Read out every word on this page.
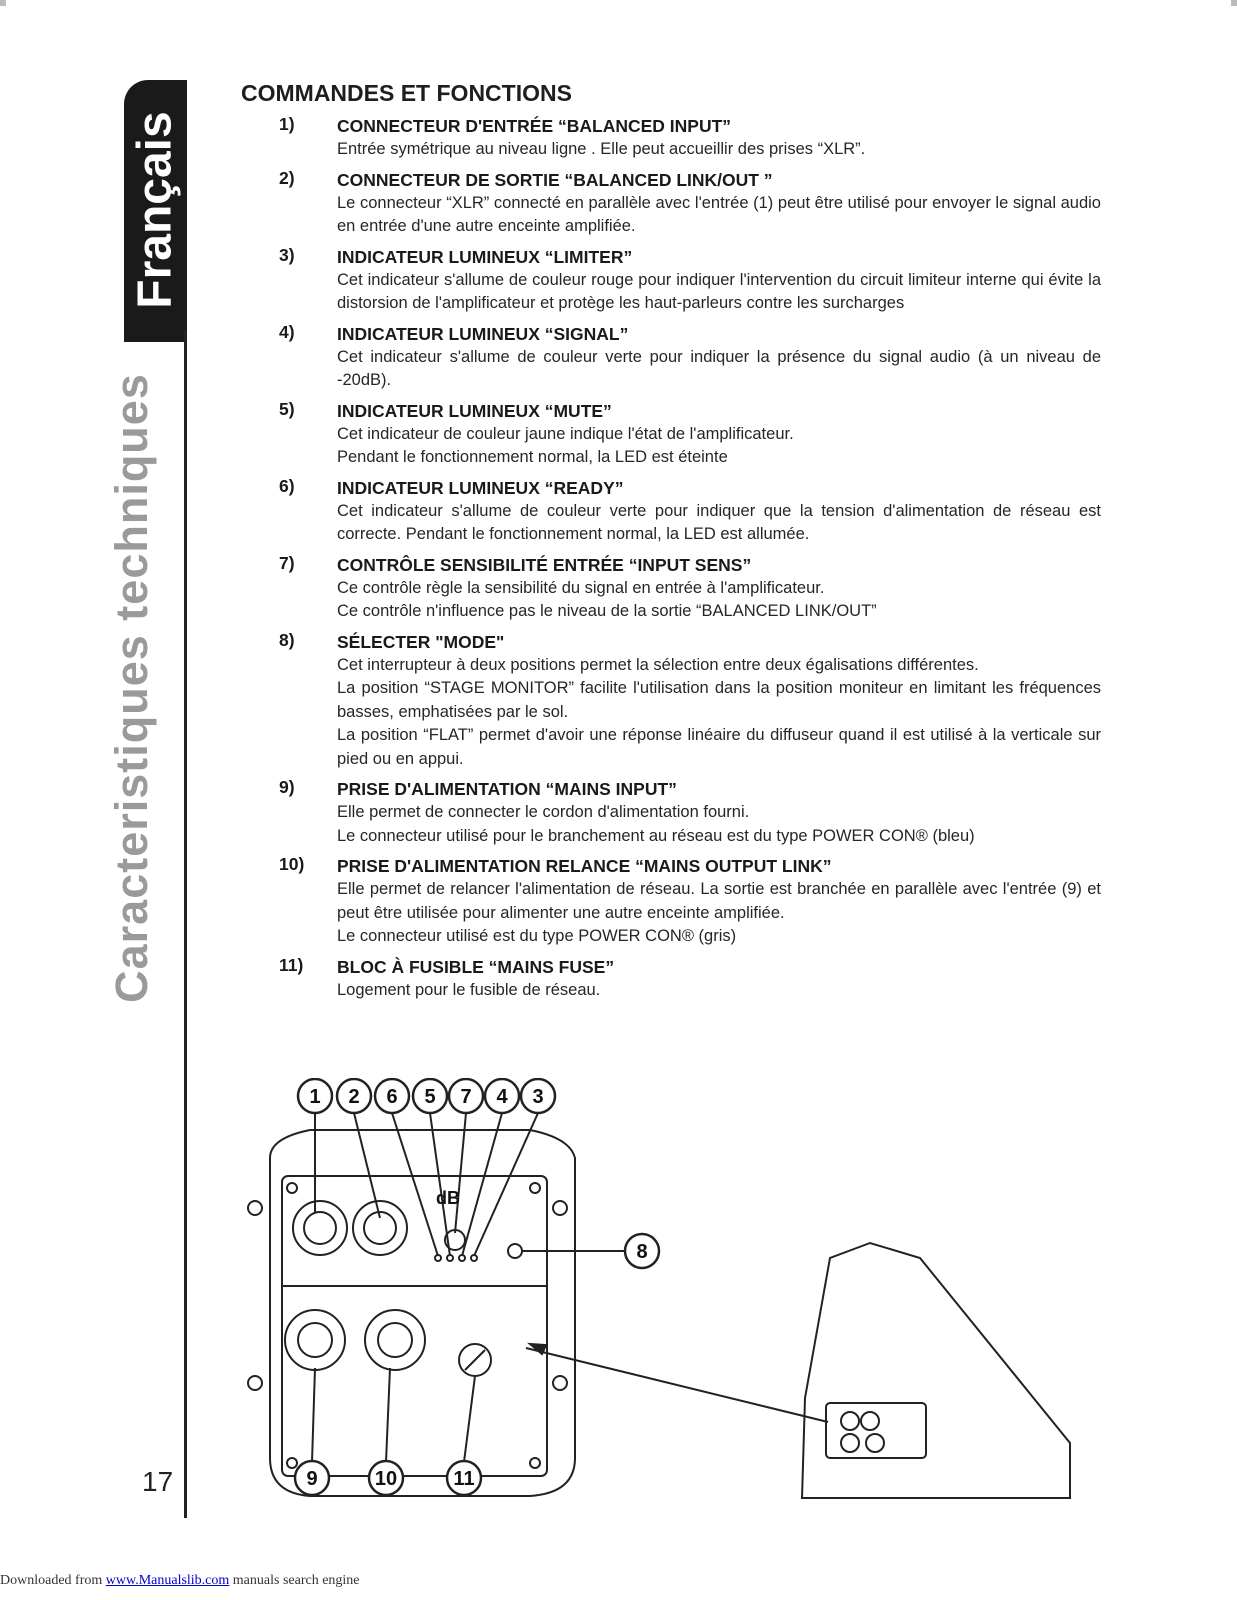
Français
Caracteristiques techniques
17
COMMANDES ET FONCTIONS
1) CONNECTEUR D'ENTRÉE “BALANCED INPUT”
Entrée symétrique au niveau ligne . Elle peut accueillir des prises “XLR”.
2) CONNECTEUR DE SORTIE “BALANCED LINK/OUT ”
Le connecteur “XLR” connecté en parallèle avec l'entrée (1) peut être utilisé pour envoyer le signal audio en entrée d'une autre enceinte amplifiée.
3) INDICATEUR LUMINEUX “LIMITER”
Cet indicateur s'allume de couleur rouge pour indiquer l'intervention du circuit limiteur interne qui évite la distorsion de l'amplificateur et protège les haut-parleurs contre les surcharges
4) INDICATEUR LUMINEUX “SIGNAL”
Cet indicateur s'allume de couleur verte pour indiquer la présence du signal audio (à un niveau de -20dB).
5) INDICATEUR LUMINEUX “MUTE”
Cet indicateur de couleur jaune indique l'état de l'amplificateur.
Pendant le fonctionnement normal, la LED est éteinte
6) INDICATEUR LUMINEUX “READY”
Cet indicateur s'allume de couleur verte pour indiquer que la tension d'alimentation de réseau est correcte. Pendant le fonctionnement normal, la LED est allumée.
7) CONTRÔLE SENSIBILITÉ ENTRÉE “INPUT SENS”
Ce contrôle règle la sensibilité du signal en entrée à l'amplificateur.
Ce contrôle n'influence pas le niveau de la sortie “BALANCED LINK/OUT”
8) SÉLECTER "MODE"
Cet interrupteur à deux positions permet la sélection entre deux égalisations différentes.
La position “STAGE MONITOR” facilite l'utilisation dans la position moniteur en limitant les fréquences basses, emphatisées par le sol.
La position “FLAT” permet d'avoir une réponse linéaire du diffuseur quand il est utilisé à la verticale sur pied ou en appui.
9) PRISE D'ALIMENTATION “MAINS INPUT”
Elle permet de connecter le cordon d'alimentation fourni.
Le connecteur utilisé pour le branchement au réseau est du type POWER CON® (bleu)
10) PRISE D'ALIMENTATION RELANCE “MAINS OUTPUT LINK”
Elle permet de relancer l'alimentation de réseau. La sortie est branchée en parallèle avec l'entrée (9) et peut être utilisée pour alimenter une autre enceinte amplifiée.
Le connecteur utilisé est du type POWER CON® (gris)
11) BLOC À FUSIBLE “MAINS FUSE”
Logement pour le fusible de réseau.
1 2 6 5 7 4 3
8
9	10	11
dB
Downloaded from www.Manualslib.com manuals search engine
